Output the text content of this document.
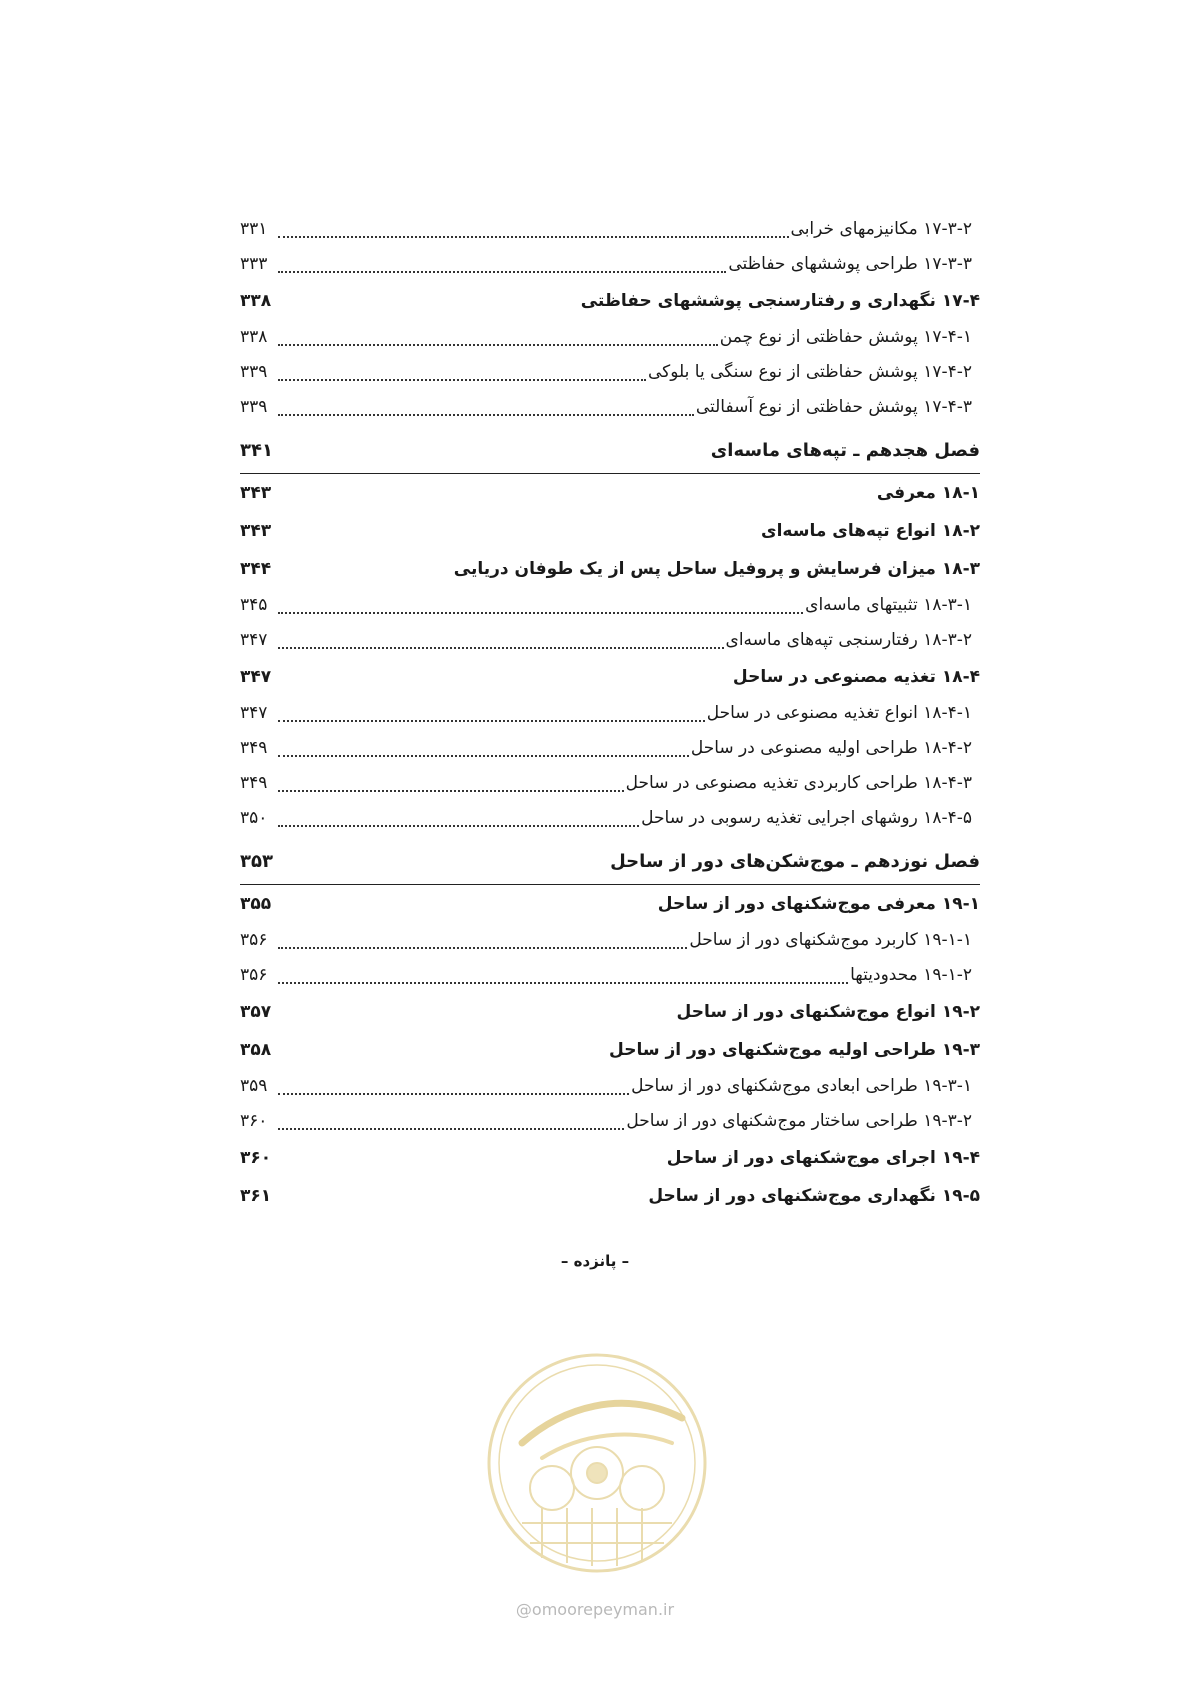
۱۷-۳-۲ مکانیزمهای خرابی
۳۳۱
۱۷-۳-۳ طراحی پوششهای حفاظتی
۳۳۳
۱۷-۴ نگهداری و رفتارسنجی پوششهای حفاظتی
۳۳۸
۱۷-۴-۱ پوشش حفاظتی از نوع چمن
۳۳۸
۱۷-۴-۲ پوشش حفاظتی از نوع سنگی یا بلوکی
۳۳۹
۱۷-۴-۳ پوشش حفاظتی از نوع آسفالتی
۳۳۹
فصل هجدهم ـ تپه‌های ماسه‌ای
۳۴۱
۱۸-۱ معرفی
۳۴۳
۱۸-۲ انواع تپه‌های ماسه‌ای
۳۴۳
۱۸-۳ میزان فرسایش و پروفیل ساحل پس از یک طوفان دریایی
۳۴۴
۱۸-۳-۱ تثبیتهای ماسه‌ای
۳۴۵
۱۸-۳-۲ رفتارسنجی تپه‌های ماسه‌ای
۳۴۷
۱۸-۴ تغذیه مصنوعی در ساحل
۳۴۷
۱۸-۴-۱ انواع تغذیه مصنوعی در ساحل
۳۴۷
۱۸-۴-۲ طراحی اولیه مصنوعی در ساحل
۳۴۹
۱۸-۴-۳ طراحی کاربردی تغذیه مصنوعی در ساحل
۳۴۹
۱۸-۴-۵ روشهای اجرایی تغذیه رسوبی در ساحل
۳۵۰
فصل نوزدهم ـ موج‌شکن‌های دور از ساحل
۳۵۳
۱۹-۱ معرفی موج‌شکنهای دور از ساحل
۳۵۵
۱۹-۱-۱ کاربرد موج‌شکنهای دور از ساحل
۳۵۶
۱۹-۱-۲ محدودیتها
۳۵۶
۱۹-۲ انواع موج‌شکنهای دور از ساحل
۳۵۷
۱۹-۳ طراحی اولیه موج‌شکنهای دور از ساحل
۳۵۸
۱۹-۳-۱ طراحی ابعادی موج‌شکنهای دور از ساحل
۳۵۹
۱۹-۳-۲ طراحی ساختار موج‌شکنهای دور از ساحل
۳۶۰
۱۹-۴ اجرای موج‌شکنهای دور از ساحل
۳۶۰
۱۹-۵ نگهداری موج‌شکنهای دور از ساحل
۳۶۱
– پانزده –
@omoorepeyman.ir
